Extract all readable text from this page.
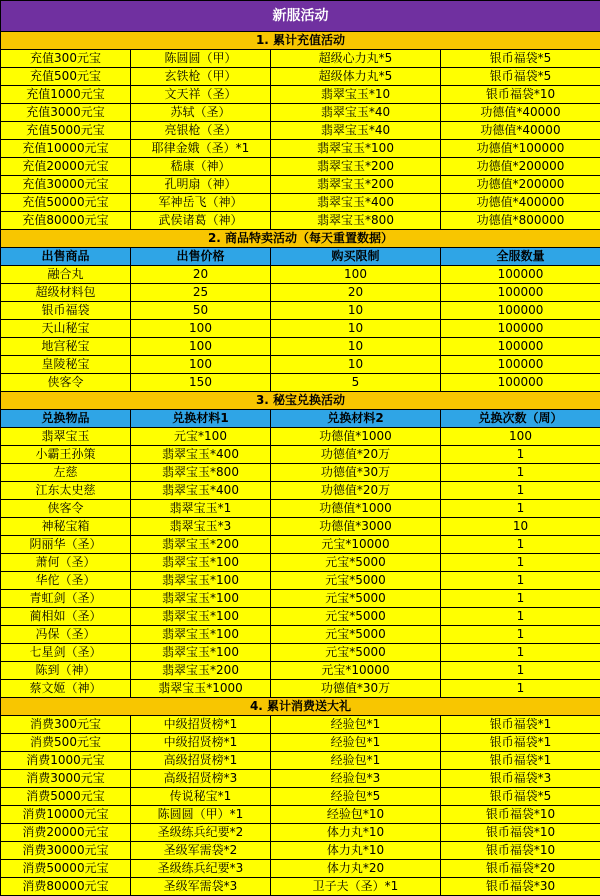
新服活动			
1. 累计充值活动			
充值300元宝	陈圆圆（甲）	超级心力丸*5	银币福袋*5
充值500元宝	玄铁枪（甲）	超级体力丸*5	银币福袋*5
充值1000元宝	文天祥（圣）	翡翠宝玉*10	银币福袋*10
充值3000元宝	苏轼（圣）	翡翠宝玉*40	功德值*40000
充值5000元宝	亮银枪（圣）	翡翠宝玉*40	功德值*40000
充值10000元宝	耶律金娥（圣）*1	翡翠宝玉*100	功德值*100000
充值20000元宝	嵇康（神）	翡翠宝玉*200	功德值*200000
充值30000元宝	孔明扇（神）	翡翠宝玉*200	功德值*200000
充值50000元宝	军神岳飞（神）	翡翠宝玉*400	功德值*400000
充值80000元宝	武侯诸葛（神）	翡翠宝玉*800	功德值*800000
2. 商品特卖活动（每天重置数据）			
出售商品	出售价格	购买限制	全服数量
融合丸	20	100	100000
超级材料包	25	20	100000
银币福袋	50	10	100000
天山秘宝	100	10	100000
地宫秘宝	100	10	100000
皇陵秘宝	100	10	100000
侠客令	150	5	100000
3. 秘宝兑换活动			
兑换物品	兑换材料1	兑换材料2	兑换次数（周）
翡翠宝玉	元宝*100	功德值*1000	100
小霸王孙策	翡翠宝玉*400	功德值*20万	1
左慈	翡翠宝玉*800	功德值*30万	1
江东太史慈	翡翠宝玉*400	功德值*20万	1
侠客令	翡翠宝玉*1	功德值*1000	1
神秘宝箱	翡翠宝玉*3	功德值*3000	10
阴丽华（圣）	翡翠宝玉*200	元宝*10000	1
萧何（圣）	翡翠宝玉*100	元宝*5000	1
华佗（圣）	翡翠宝玉*100	元宝*5000	1
青虹剑（圣）	翡翠宝玉*100	元宝*5000	1
蔺相如（圣）	翡翠宝玉*100	元宝*5000	1
冯保（圣）	翡翠宝玉*100	元宝*5000	1
七星剑（圣）	翡翠宝玉*100	元宝*5000	1
陈到（神）	翡翠宝玉*200	元宝*10000	1
蔡文姬（神）	翡翠宝玉*1000	功德值*30万	1
4. 累计消费送大礼			
消费300元宝	中级招贤榜*1	经验包*1	银币福袋*1
消费500元宝	中级招贤榜*1	经验包*1	银币福袋*1
消费1000元宝	高级招贤榜*1	经验包*1	银币福袋*1
消费3000元宝	高级招贤榜*3	经验包*3	银币福袋*3
消费5000元宝	传说秘宝*1	经验包*5	银币福袋*5
消费10000元宝	陈圆圆（甲）*1	经验包*10	银币福袋*10
消费20000元宝	圣级练兵纪要*2	体力丸*10	银币福袋*10
消费30000元宝	圣级军需袋*2	体力丸*10	银币福袋*10
消费50000元宝	圣级练兵纪要*3	体力丸*20	银币福袋*20
消费80000元宝	圣级军需袋*3	卫子夫（圣）*1	银币福袋*30
